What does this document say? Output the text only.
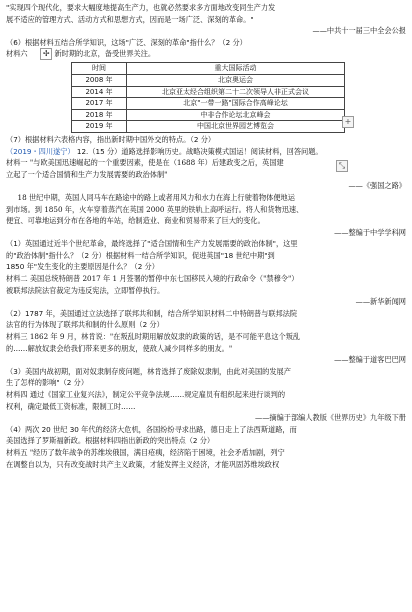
"实现四个现代化，要求大幅度地提高生产力，也就必然要求多方面地改变同生产力发

展不适应的管理方式、活动方式和思想方式，因而是一场广泛、深刻的革命。"

——中共十一届三中全会公报

（6）根据材料五结合所学知识，这场"广泛、深刻的革命"指什么？（2 分）

材料六 ✢ 新时期的北京，备受世界关注。

时间	重大国际活动
2008 年	北京奥运会
2014 年	北京亚太经合组织第二十二次领导人非正式会议
2017 年	北京"一带一路"国际合作高峰论坛
2018 年	中非合作论坛北京峰会
2019 年	中国北京世界园艺博览会

（7）根据材料六表格内容，指出新时期中国外交的特点。（2 分）

（2019・四川遂宁） 12.（15 分）道路选择影响历史。战略决策模式国运！阅读材料，回答问题。

材料一 "与欧美国迅速崛起的一个重要因素，使是在（1688 年）后建政变之后，英国建

立起了一个适合国情和生产力发展需要的政治体制"

——《强国之路》

18 世纪中期，英国人同马车在路途中的路上或者用风力和水力在海上行驶着物体便地运

到市场。到 1850 年，火车穿着蒸汽在英国 2000 英里的铁轨上高呼运行。将人和货物迅速、

便宜、可靠地运到分布在各地的车站，给制造业、商业和贸易带来了巨大的变化。

——整编于中学学科网

（1）英国通过近半个世纪革命，最终选择了"适合国情和生产力发展需要的政治体制"，这里

的"政治体制"指什么？（2 分）根据材料一结合所学知识，促进英国"18 世纪中期"到

1850 年"发生变化的主要原因是什么？（2 分）

材料二 美国总统特朗普 2017 年 1 月签署的暂停中东七国移民入境的行政命令（"禁穆令"）

被联邦法院法官裁定为违反宪法，立即暂停执行。

——新华新闻网

（2）1787 年，美国通过立法选择了联邦共和制，结合所学知识材料二中特朗普与联邦法院

法官的行为体现了联邦共和制的什么原则（2 分）

材料三 1862 年 9 月，林肯说："在叛乱时期用解放奴隶的政策的话，是不可能平息这个叛乱

的……解放奴隶会给我们带来更多的朋友，使敌人减少同样多的朋友。"

——整编于道客巴巴网

（3）美国内战初期，面对奴隶制存废问题，林肯选择了废除奴隶制，由此对美国的发展产

生了怎样的影响"（2 分）

材料四 通过《国家工业复兴法》，制定公平竞争法规……规定雇员有组织起来进行谈判的

权利，确定最低工资标准，限制工时……

——摘编于部编人教版《世界历史》九年级下册

（4）两次 20 世纪 30 年代的经济大危机，各国纷纷寻求出路，德日走上了法西斯道路，而

美国选择了罗斯福新政。根据材料四指出新政的突出特点（2 分）

材料五 "经历了数年战争的苏维埃俄国，满目疮痍，经济陷于困境，社会矛盾加剧，列宁

在调整自以为，只有改变战时共产主义政策，才能发挥主义经济，才能巩固苏维埃政权

+
⤡
